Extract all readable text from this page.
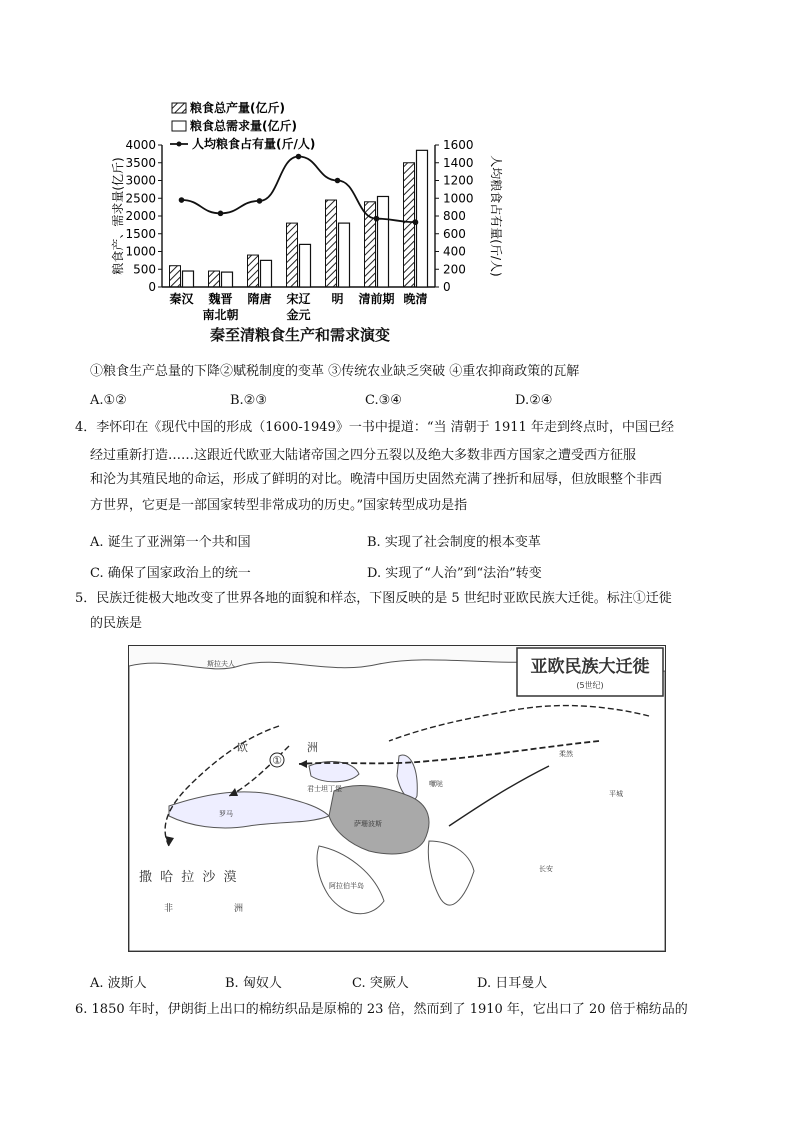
粮食总产量(亿斤)
粮食总需求量(亿斤)
人均粮食占有量(斤/人)
0
500
1000
1500
2000
2500
3000
3500
4000
0
200
400
600
800
1000
1200
1400
1600
粮食产、需求量(亿斤)	人均粮食占有量(斤/人)
秦汉 魏晋
南北朝
隋唐 宋辽
金元
明 清前期 晚清
秦至清粮食生产和需求演变
①粮食生产总量的下降②赋税制度的变革 ③传统农业缺乏突破 ④重农抑商政策的瓦解
A.①②	B.②③	C.③④	D.②④
4．李怀印在《现代中国的形成（1600-1949》一书中提道：“当 清朝于 1911 年走到终点时，中国已经
经过重新打造……这跟近代欧亚大陆诸帝国之四分五裂以及绝大多数非西方国家之遭受西方征服
和沦为其殖民地的命运，形成了鲜明的对比。晚清中国历史固然充满了挫折和屈辱，但放眼整个非西
方世界，它更是一部国家转型非常成功的历史。”国家转型成功是指
A. 诞生了亚洲第一个共和国	B. 实现了社会制度的根本变革
C. 确保了国家政治上的统一	D. 实现了“人治”到“法治”转变
5．民族迁徙极大地改变了世界各地的面貌和样态，下图反映的是 5 世纪时亚欧民族大迁徙。标注①迁徙
的民族是
亚欧民族大迁徙
(5世纪)
①
欧	洲
萨珊波斯
阿拉伯半岛
撒 哈 拉 沙 漠
非	洲
平城
长安
罗马
君士坦丁堡
柔然
斯拉夫人
嚈哒
A. 波斯人	B. 匈奴人	C. 突厥人	D. 日耳曼人
6. 1850 年时，伊朗街上出口的棉纺织品是原棉的 23 倍，然而到了 1910 年，它出口了 20 倍于棉纺品的
